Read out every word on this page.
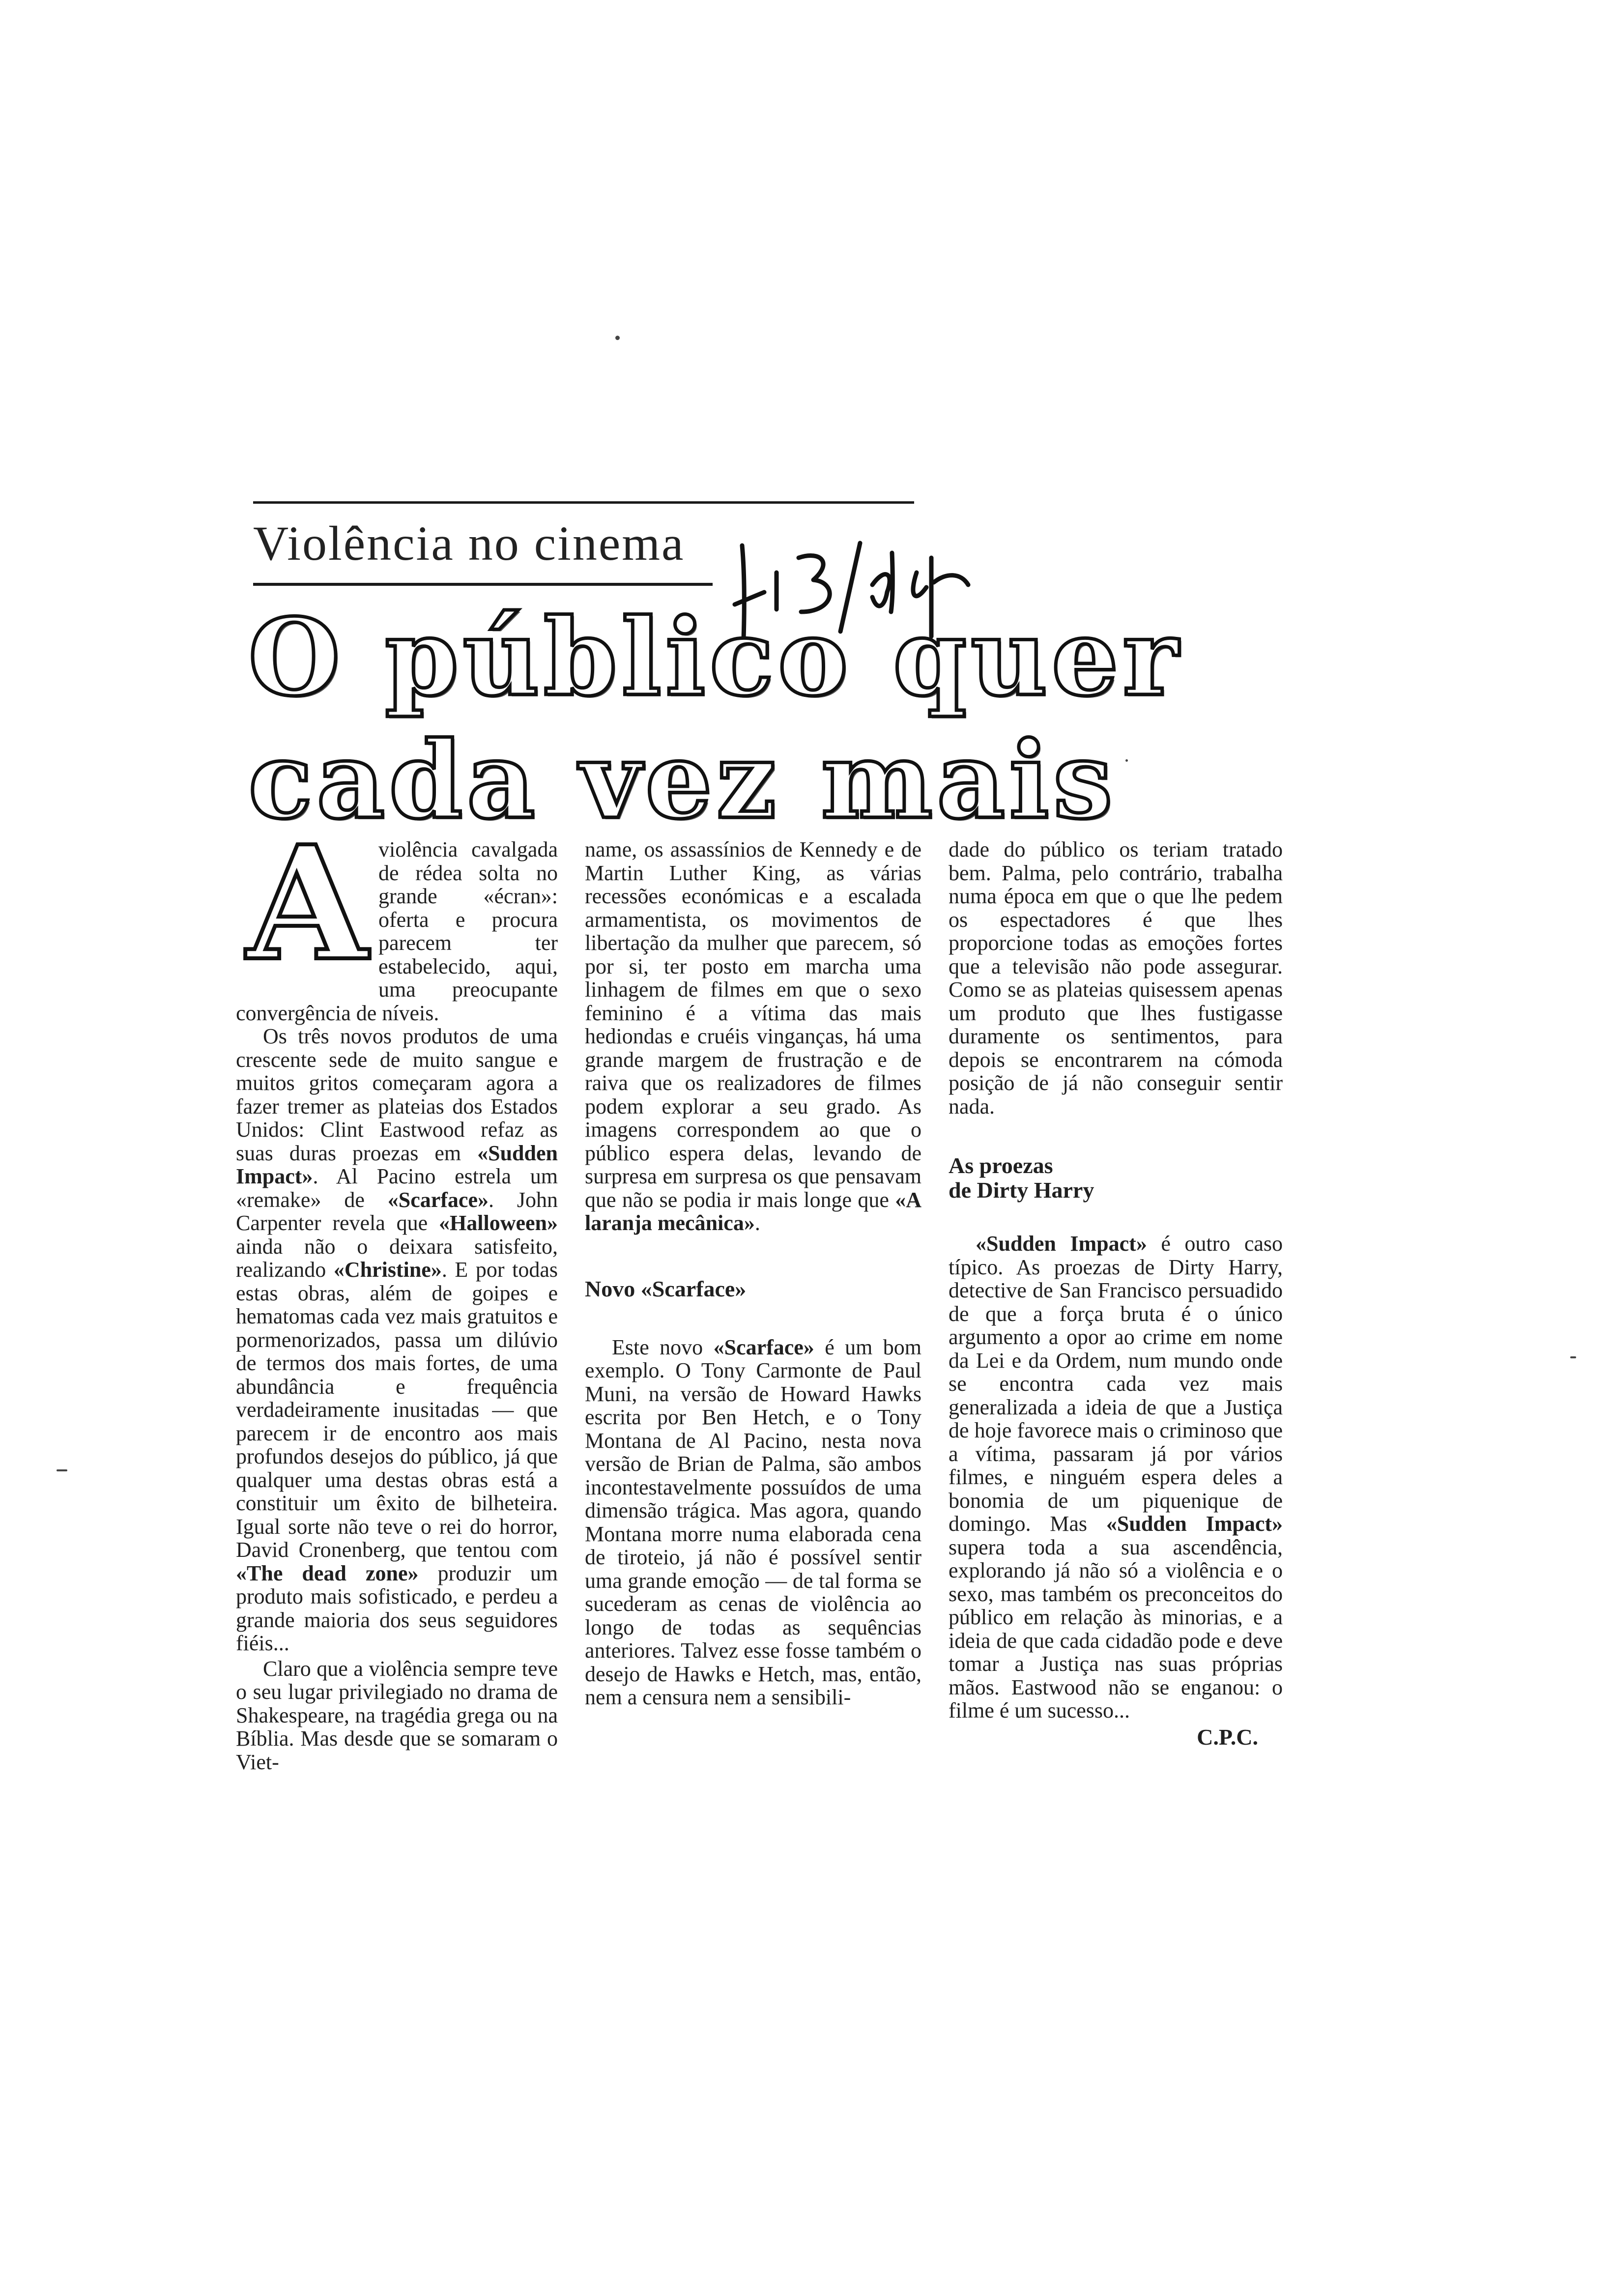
Violência no cinema
O público quer
cada vez mais

Aviolência cavalgada de rédea solta no grande «écran»: oferta e procura parecem ter estabelecido, aqui, uma preocupante convergência de níveis.

Os três novos produtos de uma crescente sede de muito sangue e muitos gritos começaram agora a fazer tremer as plateias dos Estados Unidos: Clint Eastwood refaz as suas duras proezas em «Sudden Impact». Al Pacino estrela um «remake» de «Scarface». John Carpenter revela que «Halloween» ainda não o deixara satisfeito, realizando «Christine». E por todas estas obras, além de goipes e hematomas cada vez mais gratuitos e pormenorizados, passa um dilúvio de termos dos mais fortes, de uma abundância e frequência verdadeiramente inusitadas — que parecem ir de encontro aos mais profundos desejos do público, já que qualquer uma destas obras está a constituir um êxito de bilheteira. Igual sorte não teve o rei do horror, David Cronenberg, que tentou com «The dead zone» produzir um produto mais sofisticado, e perdeu a grande maioria dos seus seguidores fiéis...

Claro que a violência sempre teve o seu lugar privilegiado no drama de Shakespeare, na tragédia grega ou na Bíblia. Mas desde que se somaram o Viet-

name, os assassínios de Kennedy e de Martin Luther King, as várias recessões económicas e a escalada armamentista, os movimentos de libertação da mulher que parecem, só por si, ter posto em marcha uma linhagem de filmes em que o sexo feminino é a vítima das mais hediondas e cruéis vinganças, há uma grande margem de frustração e de raiva que os realizadores de filmes podem explorar a seu grado. As imagens correspondem ao que o público espera delas, levando de surpresa em surpresa os que pensavam que não se podia ir mais longe que «A laranja mecânica».

Novo «Scarface»

Este novo «Scarface» é um bom exemplo. O Tony Carmonte de Paul Muni, na versão de Howard Hawks escrita por Ben Hetch, e o Tony Montana de Al Pacino, nesta nova versão de Brian de Palma, são ambos incontestavelmente possuídos de uma dimensão trágica. Mas agora, quando Montana morre numa elaborada cena de tiroteio, já não é possível sentir uma grande emoção — de tal forma se sucederam as cenas de violência ao longo de todas as sequências anteriores. Talvez esse fosse também o desejo de Hawks e Hetch, mas, então, nem a censura nem a sensibili-

dade do público os teriam tratado bem. Palma, pelo contrário, trabalha numa época em que o que lhe pedem os espectadores é que lhes proporcione todas as emoções fortes que a televisão não pode assegurar. Como se as plateias quisessem apenas um produto que lhes fustigasse duramente os sentimentos, para depois se encontrarem na cómoda posição de já não conseguir sentir nada.

As proezas
de Dirty Harry

«Sudden Impact» é outro caso típico. As proezas de Dirty Harry, detective de San Francisco persuadido de que a força bruta é o único argumento a opor ao crime em nome da Lei e da Ordem, num mundo onde se encontra cada vez mais generalizada a ideia de que a Justiça de hoje favorece mais o criminoso que a vítima, passaram já por vários filmes, e ninguém espera deles a bonomia de um piquenique de domingo. Mas «Sudden Impact» supera toda a sua ascendência, explorando já não só a violência e o sexo, mas também os preconceitos do público em relação às minorias, e a ideia de que cada cidadão pode e deve tomar a Justiça nas suas próprias mãos. Eastwood não se enganou: o filme é um sucesso...

C.P.C.
